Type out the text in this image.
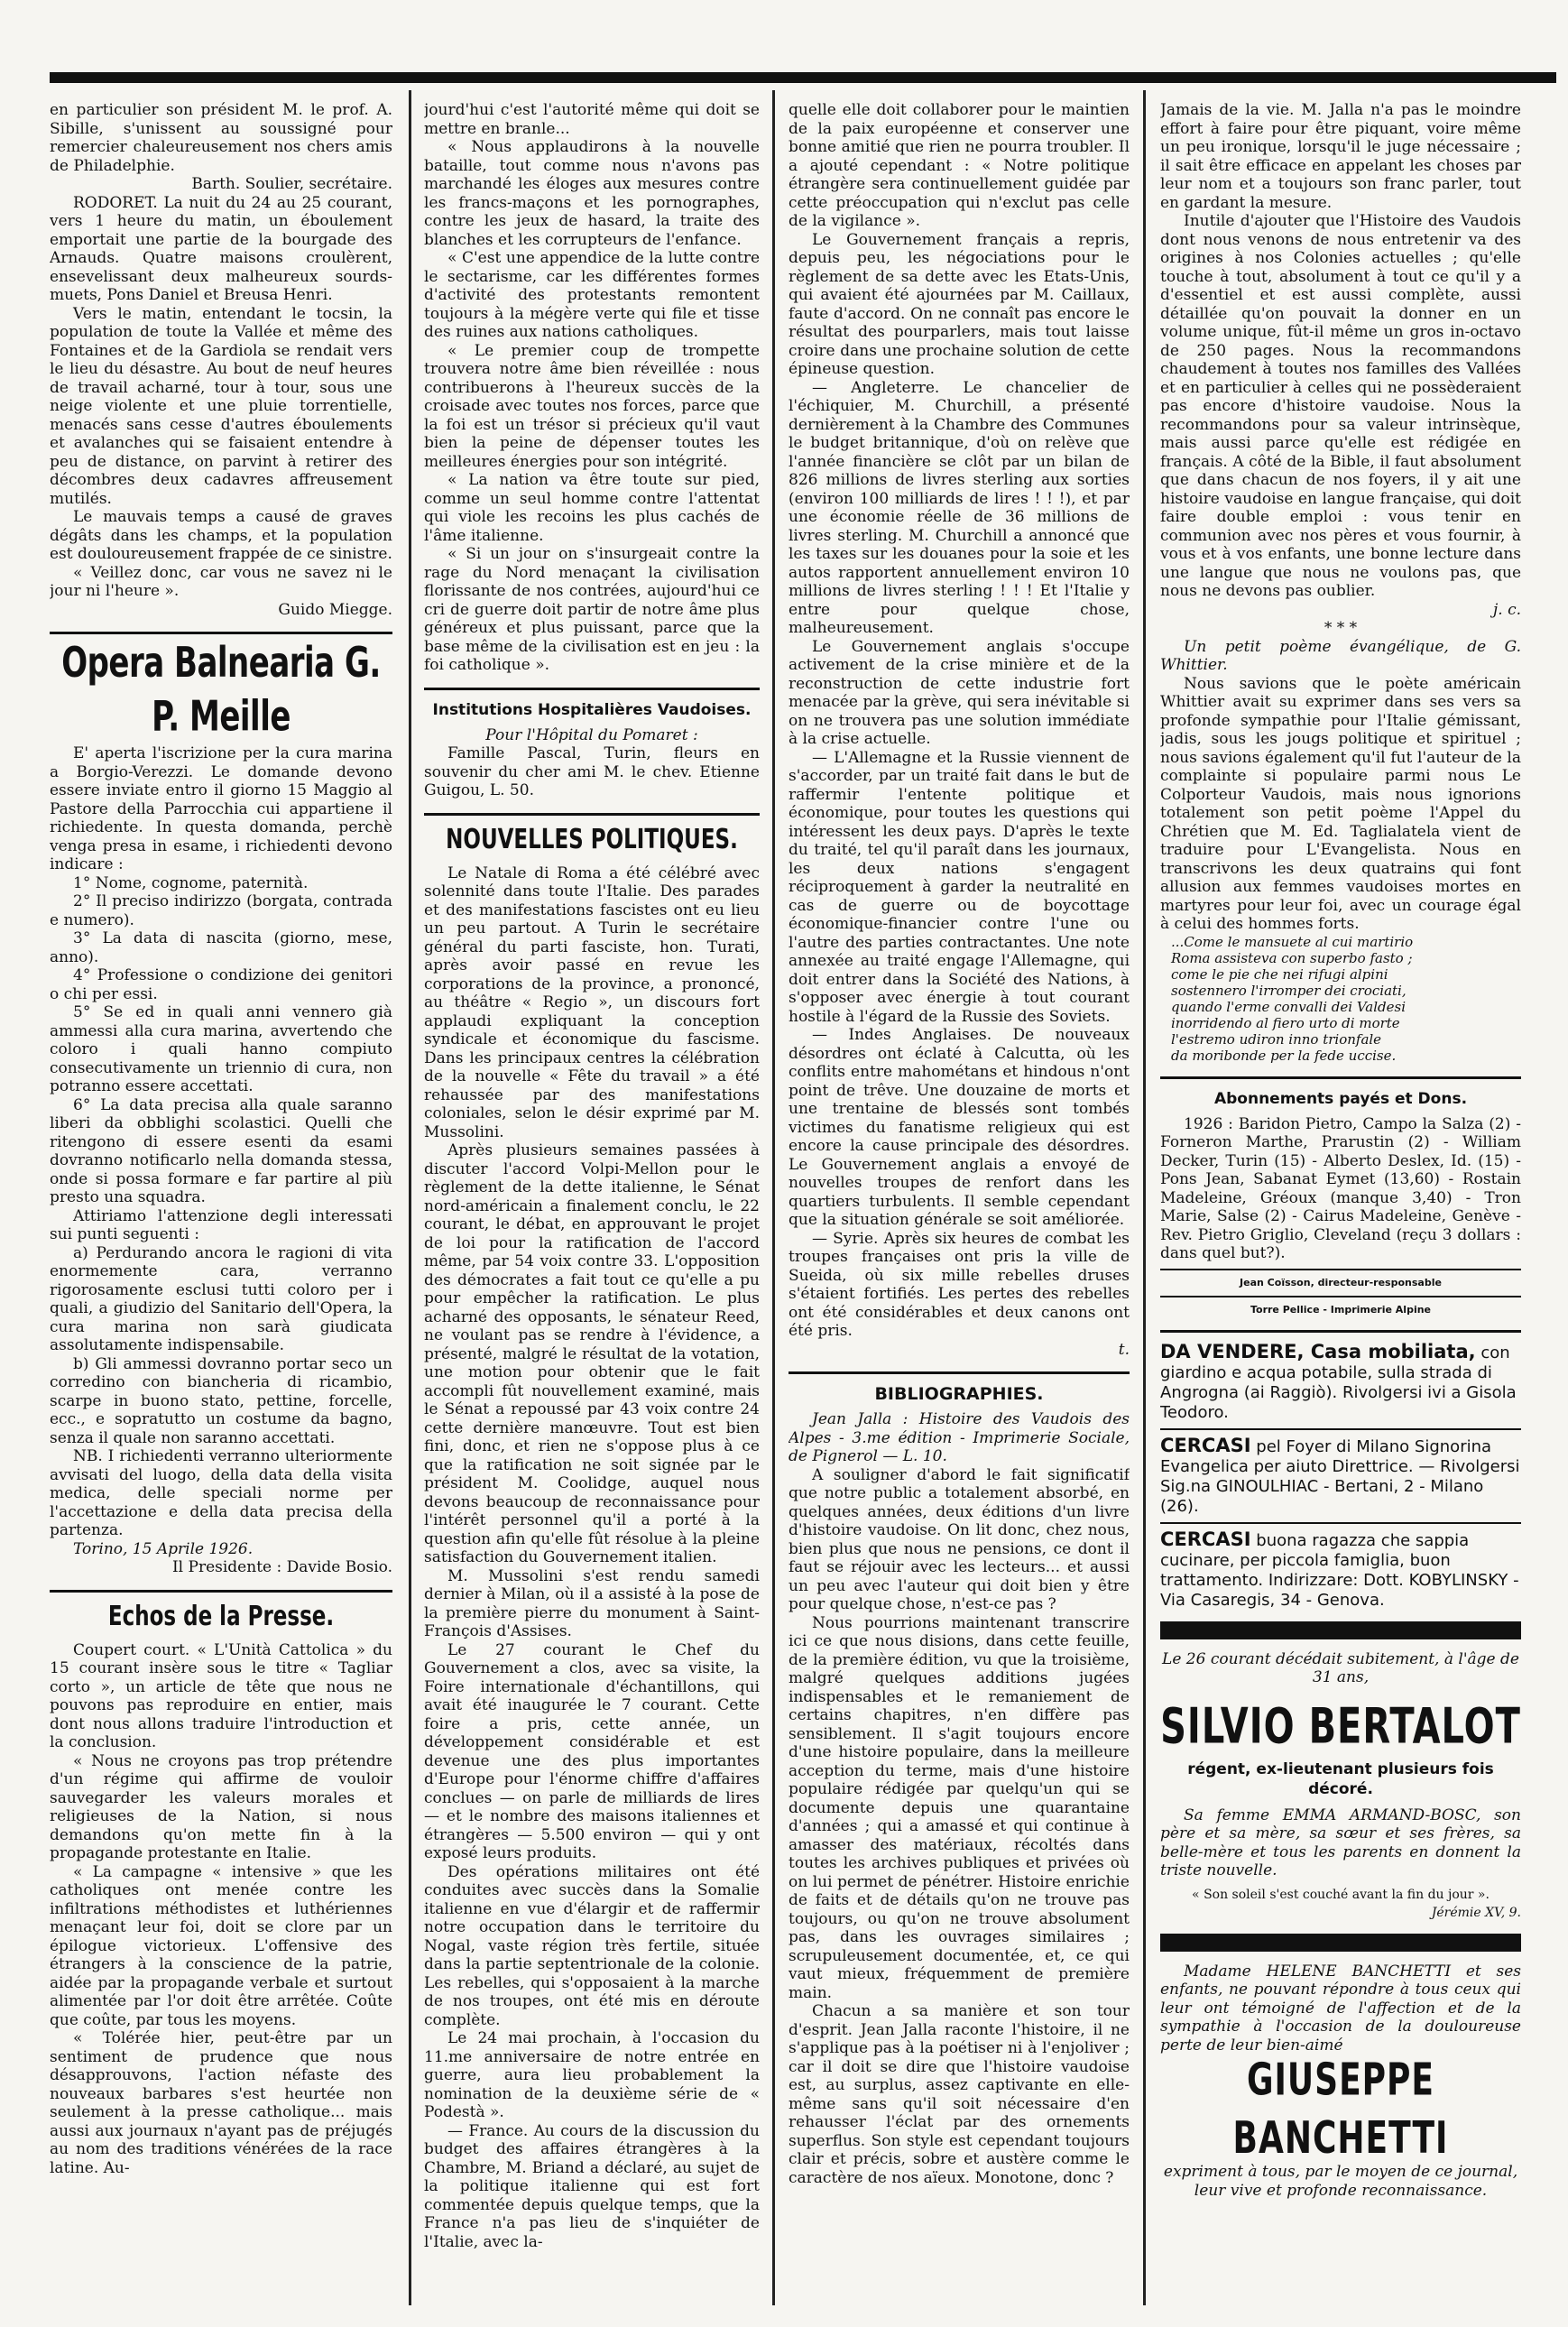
en particulier son président M. le prof. A. Sibille, s'unissent au soussigné pour remercier chaleureusement nos chers amis de Philadelphie.

Barth. Soulier, secrétaire.

RODORET. La nuit du 24 au 25 courant, vers 1 heure du matin, un éboulement emportait une partie de la bourgade des Arnauds. Quatre maisons croulèrent, ensevelissant deux malheureux sourds-muets, Pons Daniel et Breusa Henri.

Vers le matin, entendant le tocsin, la population de toute la Vallée et même des Fontaines et de la Gardiola se rendait vers le lieu du désastre. Au bout de neuf heures de travail acharné, tour à tour, sous une neige violente et une pluie torrentielle, menacés sans cesse d'autres éboulements et avalanches qui se faisaient entendre à peu de distance, on parvint à retirer des décombres deux cadavres affreusement mutilés.

Le mauvais temps a causé de graves dégâts dans les champs, et la population est douloureusement frappée de ce sinistre.

« Veillez donc, car vous ne savez ni le jour ni l'heure ».

Guido Miegge.

Opera Balnearia G. P. Meille

E' aperta l'iscrizione per la cura marina a Borgio-Verezzi. Le domande devono essere inviate entro il giorno 15 Maggio al Pastore della Parrocchia cui appartiene il richiedente. In questa domanda, perchè venga presa in esame, i richiedenti devono indicare :

1° Nome, cognome, paternità.

2° Il preciso indirizzo (borgata, contrada e numero).

3° La data di nascita (giorno, mese, anno).

4° Professione o condizione dei genitori o chi per essi.

5° Se ed in quali anni vennero già ammessi alla cura marina, avvertendo che coloro i quali hanno compiuto consecutivamente un triennio di cura, non potranno essere accettati.

6° La data precisa alla quale saranno liberi da obblighi scolastici. Quelli che ritengono di essere esenti da esami dovranno notificarlo nella domanda stessa, onde si possa formare e far partire al più presto una squadra.

Attiriamo l'attenzione degli interessati sui punti seguenti :

a) Perdurando ancora le ragioni di vita enormemente cara, verranno rigorosamente esclusi tutti coloro per i quali, a giudizio del Sanitario dell'Opera, la cura marina non sarà giudicata assolutamente indispensabile.

b) Gli ammessi dovranno portar seco un corredino con biancheria di ricambio, scarpe in buono stato, pettine, forcelle, ecc., e sopratutto un costume da bagno, senza il quale non saranno accettati.

NB. I richiedenti verranno ulteriormente avvisati del luogo, della data della visita medica, delle speciali norme per l'accettazione e della data precisa della partenza.

Torino, 15 Aprile 1926.

Il Presidente : Davide Bosio.

Echos de la Presse.

Coupert court. « L'Unità Cattolica » du 15 courant insère sous le titre « Tagliar corto », un article de tête que nous ne pouvons pas reproduire en entier, mais dont nous allons traduire l'introduction et la conclusion.

« Nous ne croyons pas trop prétendre d'un régime qui affirme de vouloir sauvegarder les valeurs morales et religieuses de la Nation, si nous demandons qu'on mette fin à la propagande protestante en Italie.

« La campagne « intensive » que les catholiques ont menée contre les infiltrations méthodistes et luthériennes menaçant leur foi, doit se clore par un épilogue victorieux. L'offensive des étrangers à la conscience de la patrie, aidée par la propagande verbale et surtout alimentée par l'or doit être arrêtée. Coûte que coûte, par tous les moyens.

« Tolérée hier, peut-être par un sentiment de prudence que nous désapprouvons, l'action néfaste des nouveaux barbares s'est heurtée non seulement à la presse catholique... mais aussi aux journaux n'ayant pas de préjugés au nom des traditions vénérées de la race latine. Au-

jourd'hui c'est l'autorité même qui doit se mettre en branle...

« Nous applaudirons à la nouvelle bataille, tout comme nous n'avons pas marchandé les éloges aux mesures contre les francs-maçons et les pornographes, contre les jeux de hasard, la traite des blanches et les corrupteurs de l'enfance.

« C'est une appendice de la lutte contre le sectarisme, car les différentes formes d'activité des protestants remontent toujours à la mégère verte qui file et tisse des ruines aux nations catholiques.

« Le premier coup de trompette trouvera notre âme bien réveillée : nous contribuerons à l'heureux succès de la croisade avec toutes nos forces, parce que la foi est un trésor si précieux qu'il vaut bien la peine de dépenser toutes les meilleures énergies pour son intégrité.

« La nation va être toute sur pied, comme un seul homme contre l'attentat qui viole les recoins les plus cachés de l'âme italienne.

« Si un jour on s'insurgeait contre la rage du Nord menaçant la civilisation florissante de nos contrées, aujourd'hui ce cri de guerre doit partir de notre âme plus généreux et plus puissant, parce que la base même de la civilisation est en jeu : la foi catholique ».

Institutions Hospitalières Vaudoises.

Pour l'Hôpital du Pomaret :

Famille Pascal, Turin, fleurs en souvenir du cher ami M. le chev. Etienne Guigou, L. 50.

NOUVELLES POLITIQUES.

Le Natale di Roma a été célébré avec solennité dans toute l'Italie. Des parades et des manifestations fascistes ont eu lieu un peu partout. A Turin le secrétaire général du parti fasciste, hon. Turati, après avoir passé en revue les corporations de la province, a prononcé, au théâtre « Regio », un discours fort applaudi expliquant la conception syndicale et économique du fascisme. Dans les principaux centres la célébration de la nouvelle « Fête du travail » a été rehaussée par des manifestations coloniales, selon le désir exprimé par M. Mussolini.

Après plusieurs semaines passées à discuter l'accord Volpi-Mellon pour le règlement de la dette italienne, le Sénat nord-américain a finalement conclu, le 22 courant, le débat, en approuvant le projet de loi pour la ratification de l'accord même, par 54 voix contre 33. L'opposition des démocrates a fait tout ce qu'elle a pu pour empêcher la ratification. Le plus acharné des opposants, le sénateur Reed, ne voulant pas se rendre à l'évidence, a présenté, malgré le résultat de la votation, une motion pour obtenir que le fait accompli fût nouvellement examiné, mais le Sénat a repoussé par 43 voix contre 24 cette dernière manœuvre. Tout est bien fini, donc, et rien ne s'oppose plus à ce que la ratification ne soit signée par le président M. Coolidge, auquel nous devons beaucoup de reconnaissance pour l'intérêt personnel qu'il a porté à la question afin qu'elle fût résolue à la pleine satisfaction du Gouvernement italien.

M. Mussolini s'est rendu samedi dernier à Milan, où il a assisté à la pose de la première pierre du monument à Saint-François d'Assises.

Le 27 courant le Chef du Gouvernement a clos, avec sa visite, la Foire internationale d'échantillons, qui avait été inaugurée le 7 courant. Cette foire a pris, cette année, un développement considérable et est devenue une des plus importantes d'Europe pour l'énorme chiffre d'affaires conclues — on parle de milliards de lires — et le nombre des maisons italiennes et étrangères — 5.500 environ — qui y ont exposé leurs produits.

Des opérations militaires ont été conduites avec succès dans la Somalie italienne en vue d'élargir et de raffermir notre occupation dans le territoire du Nogal, vaste région très fertile, située dans la partie septentrionale de la colonie. Les rebelles, qui s'opposaient à la marche de nos troupes, ont été mis en déroute complète.

Le 24 mai prochain, à l'occasion du 11.me anniversaire de notre entrée en guerre, aura lieu probablement la nomination de la deuxième série de « Podestà ».

— France. Au cours de la discussion du budget des affaires étrangères à la Chambre, M. Briand a déclaré, au sujet de la politique italienne qui est fort commentée depuis quelque temps, que la France n'a pas lieu de s'inquiéter de l'Italie, avec la-

quelle elle doit collaborer pour le maintien de la paix européenne et conserver une bonne amitié que rien ne pourra troubler. Il a ajouté cependant : « Notre politique étrangère sera continuellement guidée par cette préoccupation qui n'exclut pas celle de la vigilance ».

Le Gouvernement français a repris, depuis peu, les négociations pour le règlement de sa dette avec les Etats-Unis, qui avaient été ajournées par M. Caillaux, faute d'accord. On ne connaît pas encore le résultat des pourparlers, mais tout laisse croire dans une prochaine solution de cette épineuse question.

— Angleterre. Le chancelier de l'échiquier, M. Churchill, a présenté dernièrement à la Chambre des Communes le budget britannique, d'où on relève que l'année financière se clôt par un bilan de 826 millions de livres sterling aux sorties (environ 100 milliards de lires ! ! !), et par une économie réelle de 36 millions de livres sterling. M. Churchill a annoncé que les taxes sur les douanes pour la soie et les autos rapportent annuellement environ 10 millions de livres sterling ! ! ! Et l'Italie y entre pour quelque chose, malheureusement.

Le Gouvernement anglais s'occupe activement de la crise minière et de la reconstruction de cette industrie fort menacée par la grève, qui sera inévitable si on ne trouvera pas une solution immédiate à la crise actuelle.

— L'Allemagne et la Russie viennent de s'accorder, par un traité fait dans le but de raffermir l'entente politique et économique, pour toutes les questions qui intéressent les deux pays. D'après le texte du traité, tel qu'il paraît dans les journaux, les deux nations s'engagent réciproquement à garder la neutralité en cas de guerre ou de boycottage économique-financier contre l'une ou l'autre des parties contractantes. Une note annexée au traité engage l'Allemagne, qui doit entrer dans la Société des Nations, à s'opposer avec énergie à tout courant hostile à l'égard de la Russie des Soviets.

— Indes Anglaises. De nouveaux désordres ont éclaté à Calcutta, où les conflits entre mahométans et hindous n'ont point de trêve. Une douzaine de morts et une trentaine de blessés sont tombés victimes du fanatisme religieux qui est encore la cause principale des désordres. Le Gouvernement anglais a envoyé de nouvelles troupes de renfort dans les quartiers turbulents. Il semble cependant que la situation générale se soit améliorée.

— Syrie. Après six heures de combat les troupes françaises ont pris la ville de Sueida, où six mille rebelles druses s'étaient fortifiés. Les pertes des rebelles ont été considérables et deux canons ont été pris.

t.

BIBLIOGRAPHIES.

Jean Jalla : Histoire des Vaudois des Alpes - 3.me édition - Imprimerie Sociale, de Pignerol — L. 10.

A souligner d'abord le fait significatif que notre public a totalement absorbé, en quelques années, deux éditions d'un livre d'histoire vaudoise. On lit donc, chez nous, bien plus que nous ne pensions, ce dont il faut se réjouir avec les lecteurs... et aussi un peu avec l'auteur qui doit bien y être pour quelque chose, n'est-ce pas ?

Nous pourrions maintenant transcrire ici ce que nous disions, dans cette feuille, de la première édition, vu que la troisième, malgré quelques additions jugées indispensables et le remaniement de certains chapitres, n'en diffère pas sensiblement. Il s'agit toujours encore d'une histoire populaire, dans la meilleure acception du terme, mais d'une histoire populaire rédigée par quelqu'un qui se documente depuis une quarantaine d'années ; qui a amassé et qui continue à amasser des matériaux, récoltés dans toutes les archives publiques et privées où on lui permet de pénétrer. Histoire enrichie de faits et de détails qu'on ne trouve pas toujours, ou qu'on ne trouve absolument pas, dans les ouvrages similaires ; scrupuleusement documentée, et, ce qui vaut mieux, fréquemment de première main.

Chacun a sa manière et son tour d'esprit. Jean Jalla raconte l'histoire, il ne s'applique pas à la poétiser ni à l'enjoliver ; car il doit se dire que l'histoire vaudoise est, au surplus, assez captivante en elle-même sans qu'il soit nécessaire d'en rehausser l'éclat par des ornements superflus. Son style est cependant toujours clair et précis, sobre et austère comme le caractère de nos aïeux. Monotone, donc ?

Jamais de la vie. M. Jalla n'a pas le moindre effort à faire pour être piquant, voire même un peu ironique, lorsqu'il le juge nécessaire ; il sait être efficace en appelant les choses par leur nom et a toujours son franc parler, tout en gardant la mesure.

Inutile d'ajouter que l'Histoire des Vaudois dont nous venons de nous entretenir va des origines à nos Colonies actuelles ; qu'elle touche à tout, absolument à tout ce qu'il y a d'essentiel et est aussi complète, aussi détaillée qu'on pouvait la donner en un volume unique, fût-il même un gros in-octavo de 250 pages. Nous la recommandons chaudement à toutes nos familles des Vallées et en particulier à celles qui ne possèderaient pas encore d'histoire vaudoise. Nous la recommandons pour sa valeur intrinsèque, mais aussi parce qu'elle est rédigée en français. A côté de la Bible, il faut absolument que dans chacun de nos foyers, il y ait une histoire vaudoise en langue française, qui doit faire double emploi : vous tenir en communion avec nos pères et vous fournir, à vous et à vos enfants, une bonne lecture dans une langue que nous ne voulons pas, que nous ne devons pas oublier.

j. c.

* * *

Un petit poème évangélique, de G. Whittier.

Nous savions que le poète américain Whittier avait su exprimer dans ses vers sa profonde sympathie pour l'Italie gémissant, jadis, sous les jougs politique et spirituel ; nous savions également qu'il fut l'auteur de la complainte si populaire parmi nous Le Colporteur Vaudois, mais nous ignorions totalement son petit poème l'Appel du Chrétien que M. Ed. Taglialatela vient de traduire pour L'Evangelista. Nous en transcrivons les deux quatrains qui font allusion aux femmes vaudoises mortes en martyres pour leur foi, avec un courage égal à celui des hommes forts.

...Come le mansuete al cui martirio

Roma assisteva con superbo fasto ;

come le pie che nei rifugi alpini

sostennero l'irromper dei crociati,

quando l'erme convalli dei Valdesi

inorridendo al fiero urto di morte

l'estremo udiron inno trionfale

da moribonde per la fede uccise.

Abonnements payés et Dons.

1926 : Baridon Pietro, Campo la Salza (2) - Forneron Marthe, Prarustin (2) - William Decker, Turin (15) - Alberto Deslex, Id. (15) - Pons Jean, Sabanat Eymet (13,60) - Rostain Madeleine, Gréoux (manque 3,40) - Tron Marie, Salse (2) - Cairus Madeleine, Genève - Rev. Pietro Griglio, Cleveland (reçu 3 dollars : dans quel but?).

Jean Coïsson, directeur-responsable
Torre Pellice - Imprimerie Alpine
DA VENDERE, Casa mobiliata, con giardino e acqua potabile, sulla strada di Angrogna (ai Raggiò). Rivolgersi ivi a Gisola Teodoro.
CERCASI pel Foyer di Milano Signorina Evangelica per aiuto Direttrice. — Rivolgersi Sig.na GINOULHIAC - Bertani, 2 - Milano (26).
CERCASI buona ragazza che sappia cucinare, per piccola famiglia, buon trattamento. Indirizzare: Dott. KOBYLINSKY - Via Casaregis, 34 - Genova.

Le 26 courant décédait subitement, à l'âge de 31 ans,

SILVIO BERTALOT
régent, ex-lieutenant plusieurs fois décoré.

Sa femme EMMA ARMAND-BOSC, son père et sa mère, sa sœur et ses frères, sa belle-mère et tous les parents en donnent la triste nouvelle.

« Son soleil s'est couché avant la fin du jour ».

Jérémie XV, 9.

Madame HELENE BANCHETTI et ses enfants, ne pouvant répondre à tous ceux qui leur ont témoigné de l'affection et de la sympathie à l'occasion de la douloureuse perte de leur bien-aimé

GIUSEPPE BANCHETTI

expriment à tous, par le moyen de ce journal, leur vive et profonde reconnaissance.
